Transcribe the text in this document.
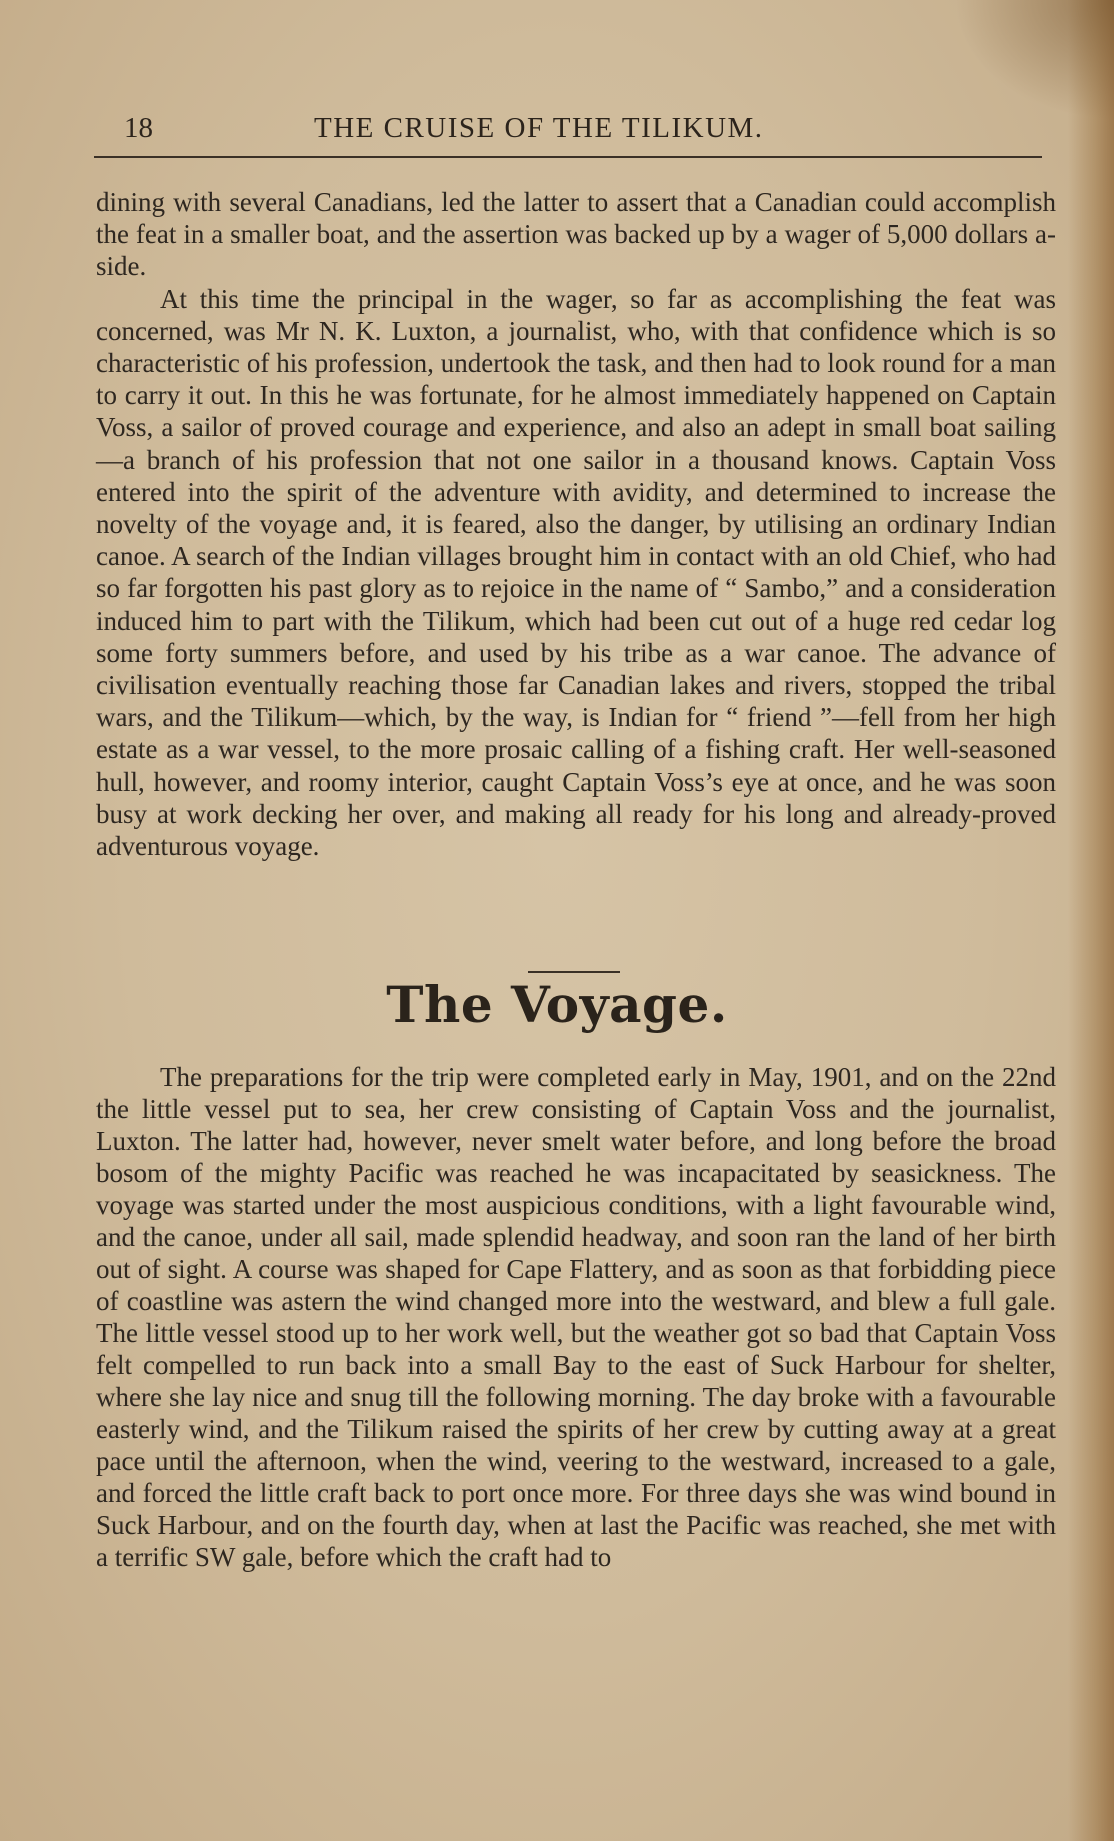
18	THE CRUISE OF THE TILIKUM.

dining with several Canadians, led the latter to assert that a Canadian could accomplish the feat in a smaller boat, and the assertion was backed up by a wager of 5,000 dollars a-side.

At this time the principal in the wager, so far as accomplishing the feat was concerned, was Mr N. K. Luxton, a journalist, who, with that confidence which is so characteristic of his profession, undertook the task, and then had to look round for a man to carry it out. In this he was fortunate, for he almost immediately happened on Captain Voss, a sailor of proved courage and experience, and also an adept in small boat sailing —a branch of his profession that not one sailor in a thousand knows. Captain Voss entered into the spirit of the adventure with avidity, and determined to increase the novelty of the voyage and, it is feared, also the danger, by utilising an ordinary Indian canoe. A search of the Indian villages brought him in contact with an old Chief, who had so far forgotten his past glory as to rejoice in the name of “ Sambo,” and a consideration induced him to part with the Tilikum, which had been cut out of a huge red cedar log some forty summers before, and used by his tribe as a war canoe. The advance of civilisation eventually reaching those far Canadian lakes and rivers, stopped the tribal wars, and the Tilikum—which, by the way, is Indian for “ friend ”—fell from her high estate as a war vessel, to the more prosaic calling of a fishing craft. Her well-seasoned hull, however, and roomy interior, caught Captain Voss’s eye at once, and he was soon busy at work decking her over, and making all ready for his long and already-proved adventurous voyage.

The Voyage.

The preparations for the trip were completed early in May, 1901, and on the 22nd the little vessel put to sea, her crew consisting of Captain Voss and the journalist, Luxton. The latter had, however, never smelt water before, and long before the broad bosom of the mighty Pacific was reached he was incapacitated by seasickness. The voyage was started under the most auspicious conditions, with a light favourable wind, and the canoe, under all sail, made splendid headway, and soon ran the land of her birth out of sight. A course was shaped for Cape Flattery, and as soon as that forbidding piece of coastline was astern the wind changed more into the westward, and blew a full gale. The little vessel stood up to her work well, but the weather got so bad that Captain Voss felt compelled to run back into a small Bay to the east of Suck Harbour for shelter, where she lay nice and snug till the following morning. The day broke with a favourable easterly wind, and the Tilikum raised the spirits of her crew by cutting away at a great pace until the afternoon, when the wind, veering to the westward, increased to a gale, and forced the little craft back to port once more. For three days she was wind bound in Suck Harbour, and on the fourth day, when at last the Pacific was reached, she met with a terrific SW gale, before which the craft had to
